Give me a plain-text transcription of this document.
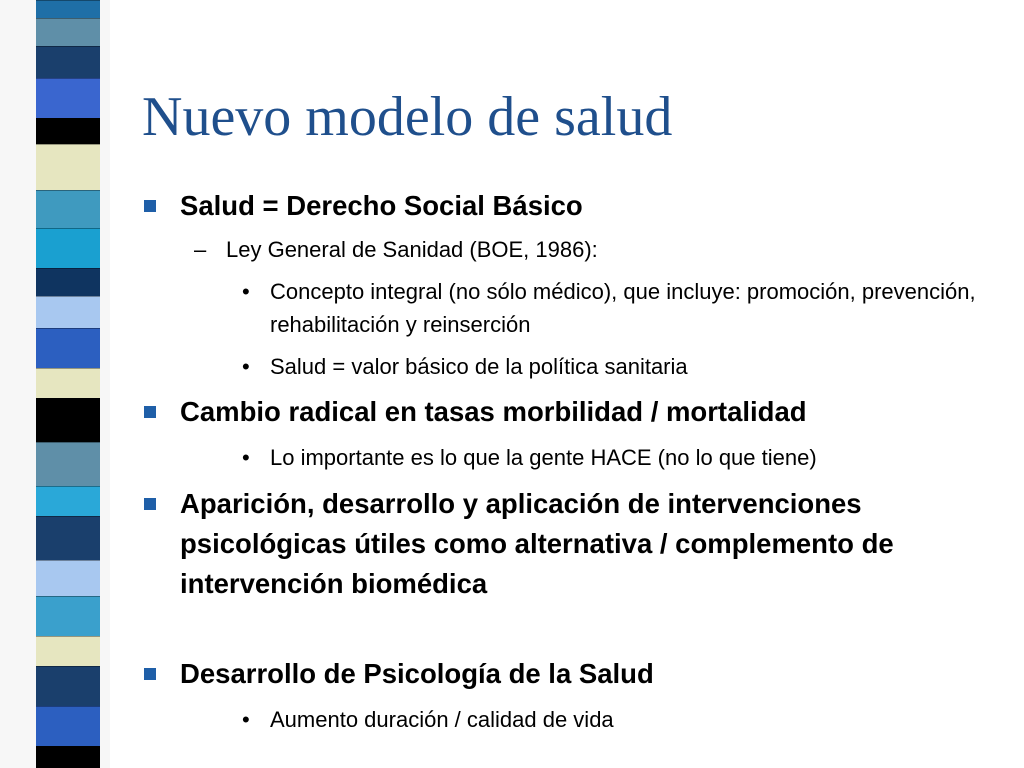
Nuevo modelo de salud
Salud = Derecho Social Básico
– Ley General de Sanidad (BOE, 1986):
• Concepto integral (no sólo médico), que incluye: promoción, prevención, rehabilitación y reinserción
• Salud = valor básico de la política sanitaria
Cambio radical en tasas morbilidad / mortalidad
• Lo importante es lo que la gente HACE (no lo que tiene)
Aparición, desarrollo y aplicación de intervenciones psicológicas útiles como alternativa / complemento de intervención biomédica
Desarrollo de Psicología de la Salud
• Aumento duración / calidad de vida
